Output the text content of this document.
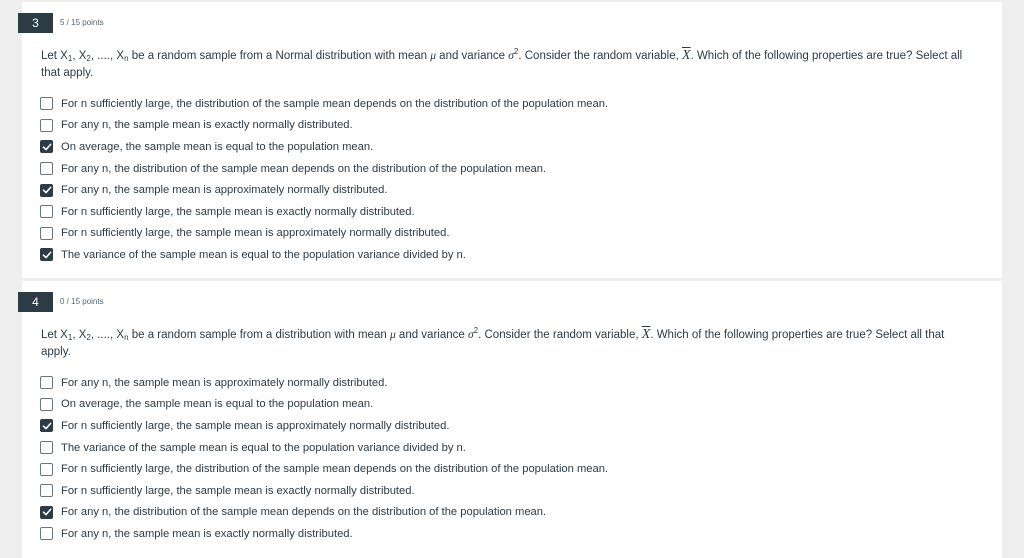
3	5 / 15 points
Let $X_1$, $X_2$, ...., $X_n$ be a random sample from a Normal distribution with mean μ and variance $\sigma^2$. Consider the random variable, $\overline{X}$. Which of the following properties are true? Select all that apply.
For n sufficiently large, the distribution of the sample mean depends on the distribution of the population mean.
For any n, the sample mean is exactly normally distributed.
On average, the sample mean is equal to the population mean.
For any n, the distribution of the sample mean depends on the distribution of the population mean.
For any n, the sample mean is approximately normally distributed.
For n sufficiently large, the sample mean is exactly normally distributed.
For n sufficiently large, the sample mean is approximately normally distributed.
The variance of the sample mean is equal to the population variance divided by n.
4	0 / 15 points
Let $X_1$, $X_2$, ...., $X_n$ be a random sample from a distribution with mean μ and variance $\sigma^2$. Consider the random variable, $\overline{X}$. Which of the following properties are true? Select all that apply.
For any n, the sample mean is approximately normally distributed.
On average, the sample mean is equal to the population mean.
For n sufficiently large, the sample mean is approximately normally distributed.
The variance of the sample mean is equal to the population variance divided by n.
For n sufficiently large, the distribution of the sample mean depends on the distribution of the population mean.
For n sufficiently large, the sample mean is exactly normally distributed.
For any n, the distribution of the sample mean depends on the distribution of the population mean.
For any n, the sample mean is exactly normally distributed.
